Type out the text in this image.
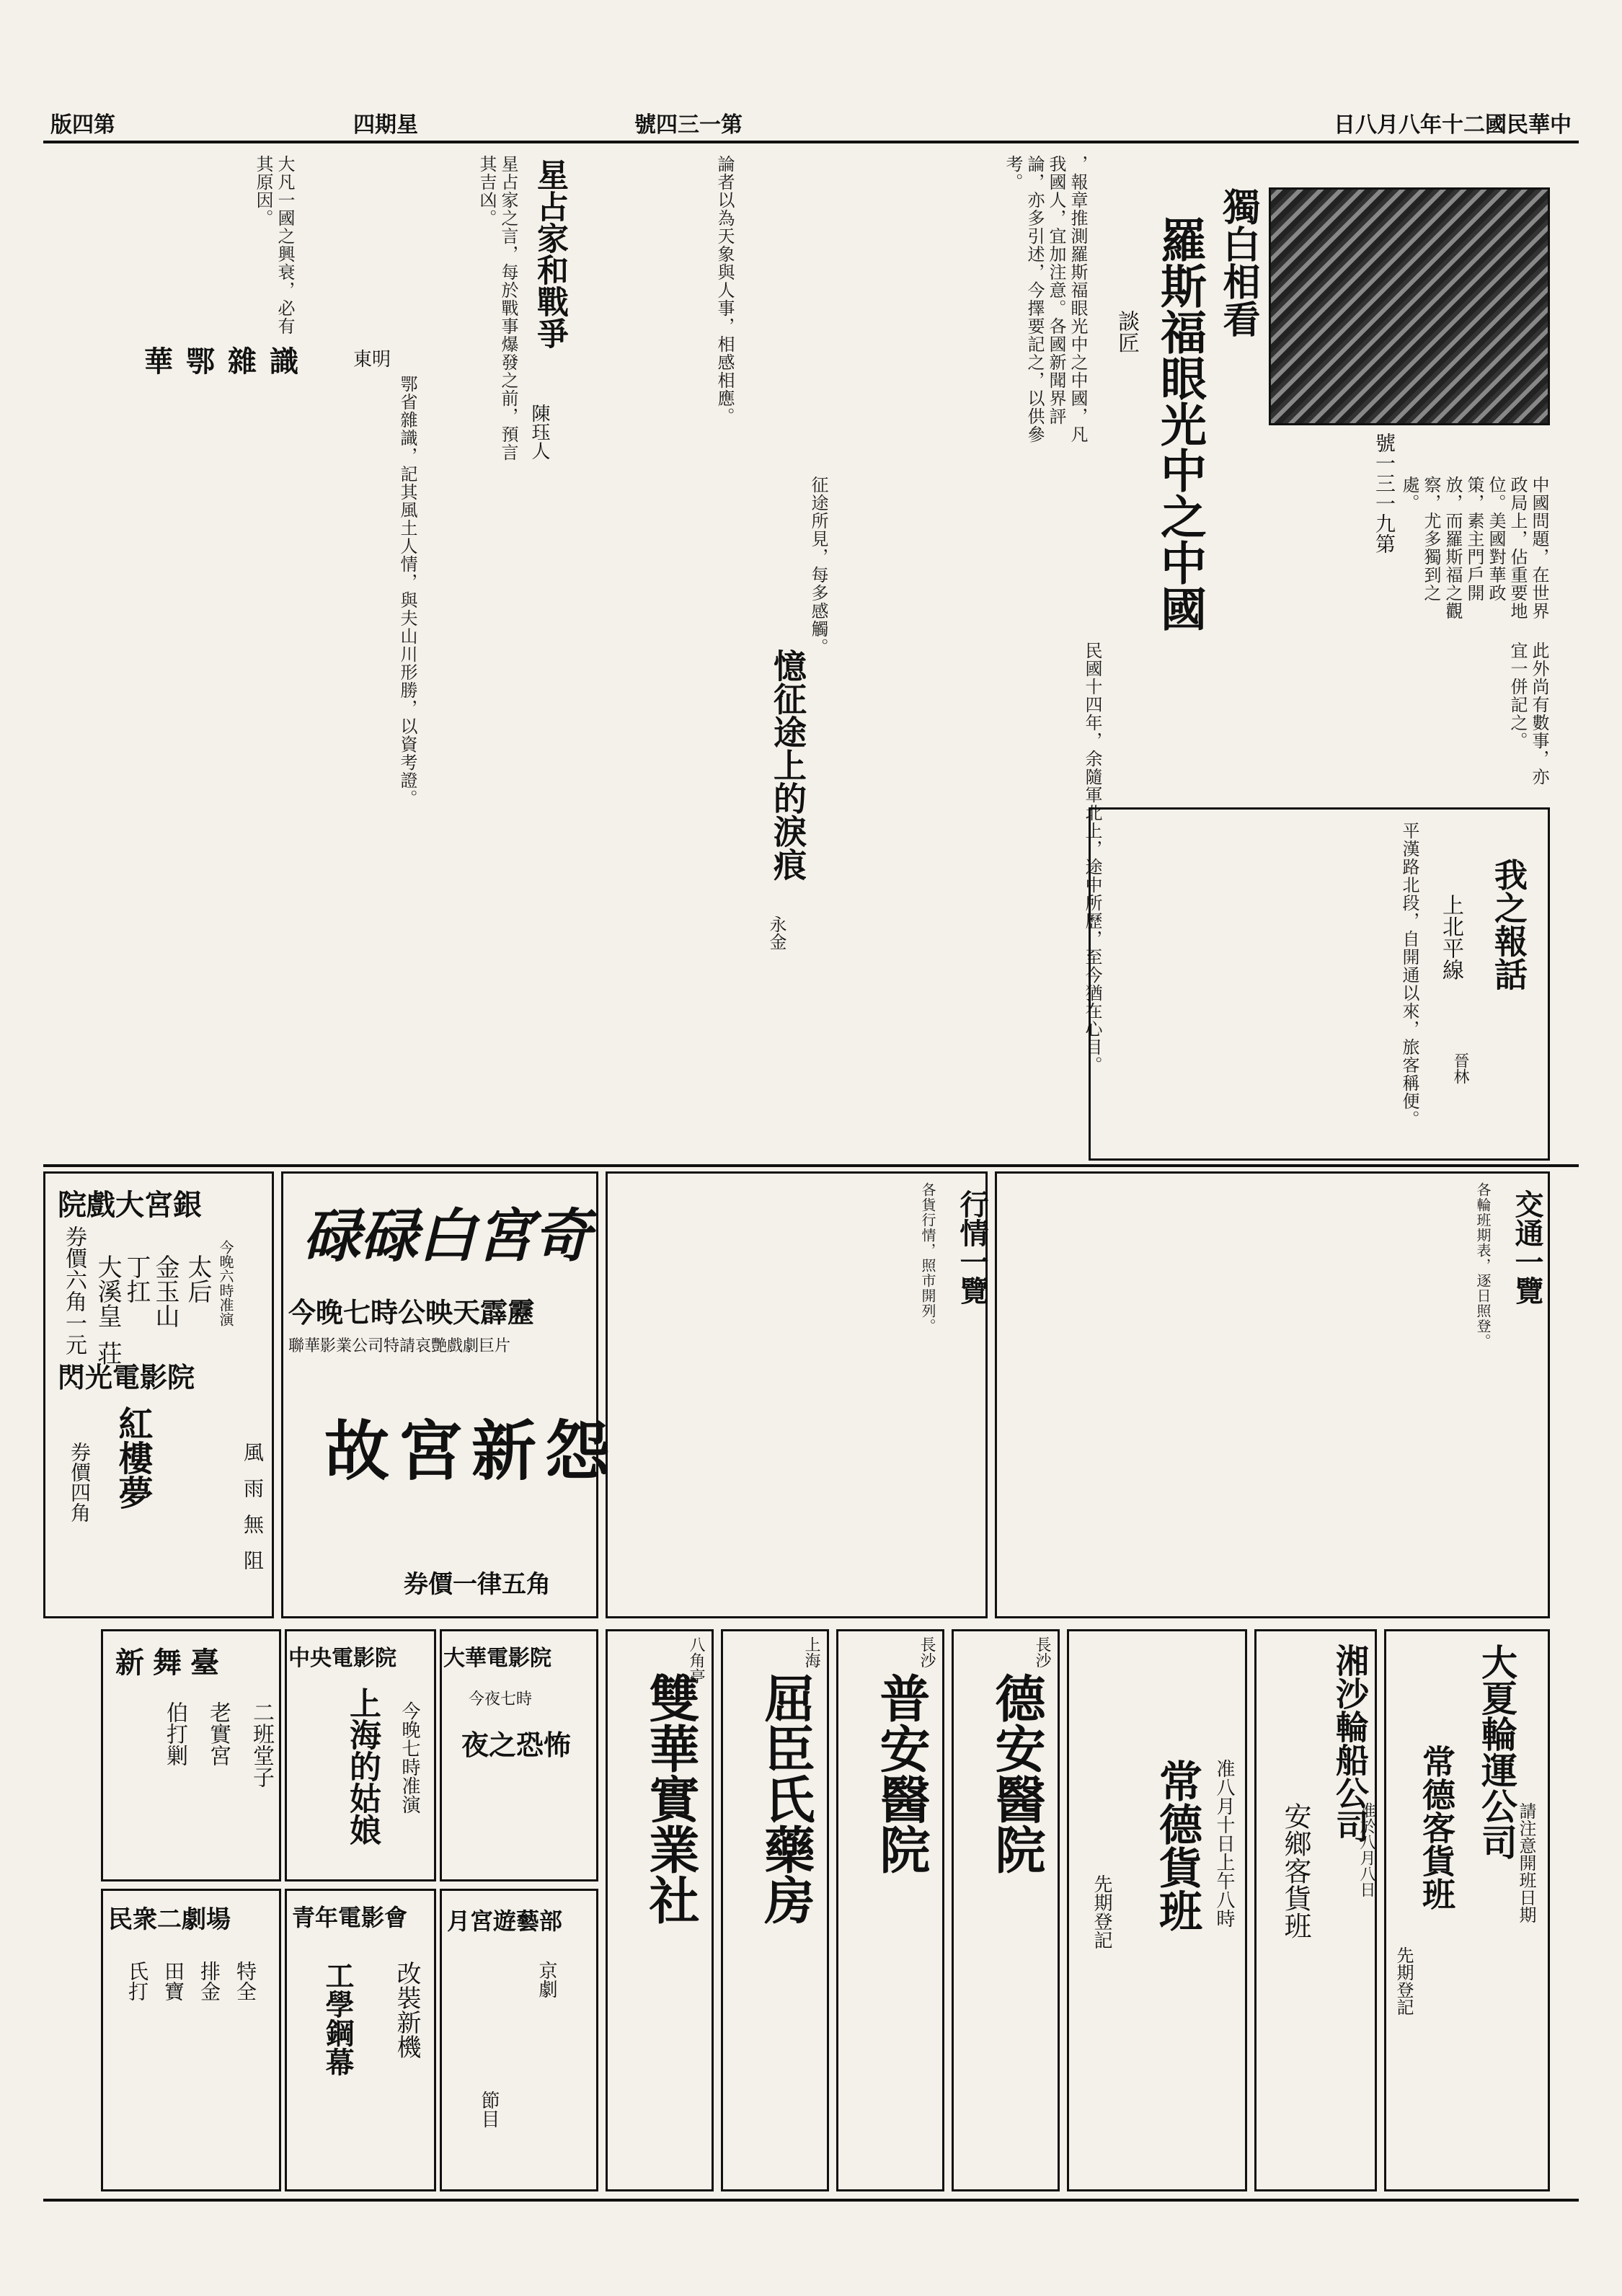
版四第	四期星	號四三一第	日八月八年十二國民華中
號一三一九第
獨白相看
羅斯福眼光中之中國
談匠
，報章推測羅斯福眼光中之中國，凡我國人，宜加注意。各國新聞界評論，亦多引述，今擇要記之，以供參考。
中國問題，在世界政局上，佔重要地位。美國對華政策，素主門戶開放，而羅斯福之觀察，尤多獨到之處。
星占家和戰爭
陳珏人
星占家之言，每於戰事爆發之前，預言其吉凶。	論者以為天象與人事，相感相應。
大凡一國之興衰，必有其原因。
華鄂雜識 東明
鄂省雜識，記其風土人情，與夫山川形勝，以資考證。	征途所見，每多感觸。
憶征途上的淚痕
永金	民國十四年，余隨軍北上，途中所歷，至今猶在心目。	我之報話
上北平線
晉林
平漢路北段，自開通以來，旅客稱便。
此外尚有數事，亦宜一併記之。
院戲大宮銀
今晚六時准演
太后
金玉山
丁扛
大溪皇
荘
券價六角一元
閃光電影院
紅樓夢
阻
無
雨
風
券價四角
碌碌白宮奇
今晚七時公映天霹靂
聯華影業公司特請哀艷戲劇巨片
故宮新怨
券價一律五角
交通一覽
各輪班期表，逐日照登。
行情一覽
各貨行情，照市開列。
新舞臺
二班堂子
老實宮
伯打剿
民衆二劇場
特全
排金
田寶
氏打
中央電影院
上海的姑娘 今晚七時准演
青年電影會
改裝新機
工學鋼幕
大華電影院
夜之恐怖
今夜七時
月宮遊藝部
京劇
節目
八角亭
雙華實業社
上海
屈臣氏藥房
長沙
普安醫院
長沙
德安醫院 常德貨班 准八月十日上午八時
先期登記
湘沙輪船公司
安鄉客貨班	准於八月八日	大夏輪運公司
常德客貨班	請注意開班日期
先期登記
